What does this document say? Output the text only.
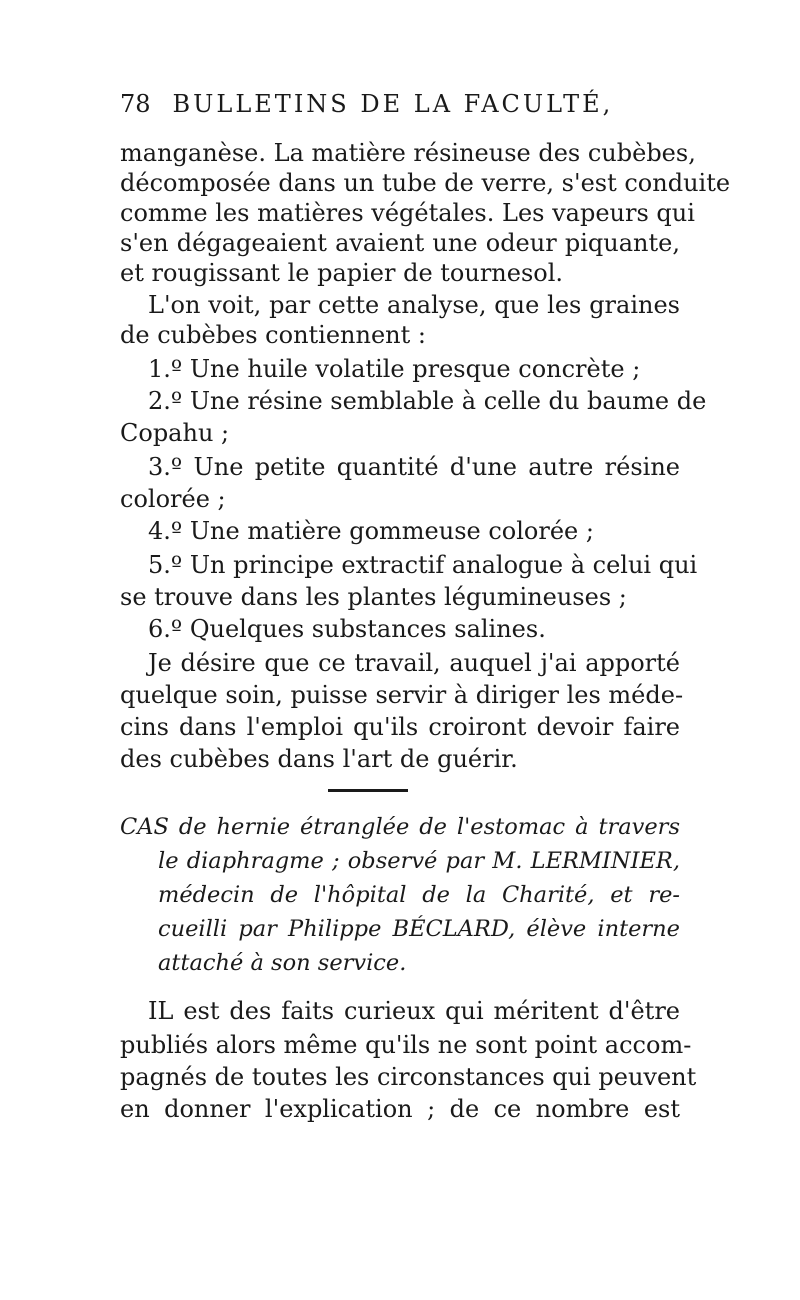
78 BULLETINS DE LA FACULTÉ,
manganèse. La matière résineuse des cubèbes,
décomposée dans un tube de verre, s'est conduite
comme les matières végétales. Les vapeurs qui
s'en dégageaient avaient une odeur piquante,
et rougissant le papier de tournesol.
L'on voit, par cette analyse, que les graines
de cubèbes contiennent :
1.º Une huile volatile presque concrète ;
2.º Une résine semblable à celle du baume de
Copahu ;
3.º Une petite quantité d'une autre résine
colorée ;
4.º Une matière gommeuse colorée ;
5.º Un principe extractif analogue à celui qui
se trouve dans les plantes légumineuses ;
6.º Quelques substances salines.
Je désire que ce travail, auquel j'ai apporté
quelque soin, puisse servir à diriger les méde-
cins dans l'emploi qu'ils croiront devoir faire
des cubèbes dans l'art de guérir.
CAS de hernie étranglée de l'estomac à travers
le diaphragme ; observé par M. LERMINIER,
médecin de l'hôpital de la Charité, et re-
cueilli par Philippe BÉCLARD, élève interne
attaché à son service.
IL est des faits curieux qui méritent d'être
publiés alors même qu'ils ne sont point accom-
pagnés de toutes les circonstances qui peuvent
en donner l'explication ; de ce nombre est
